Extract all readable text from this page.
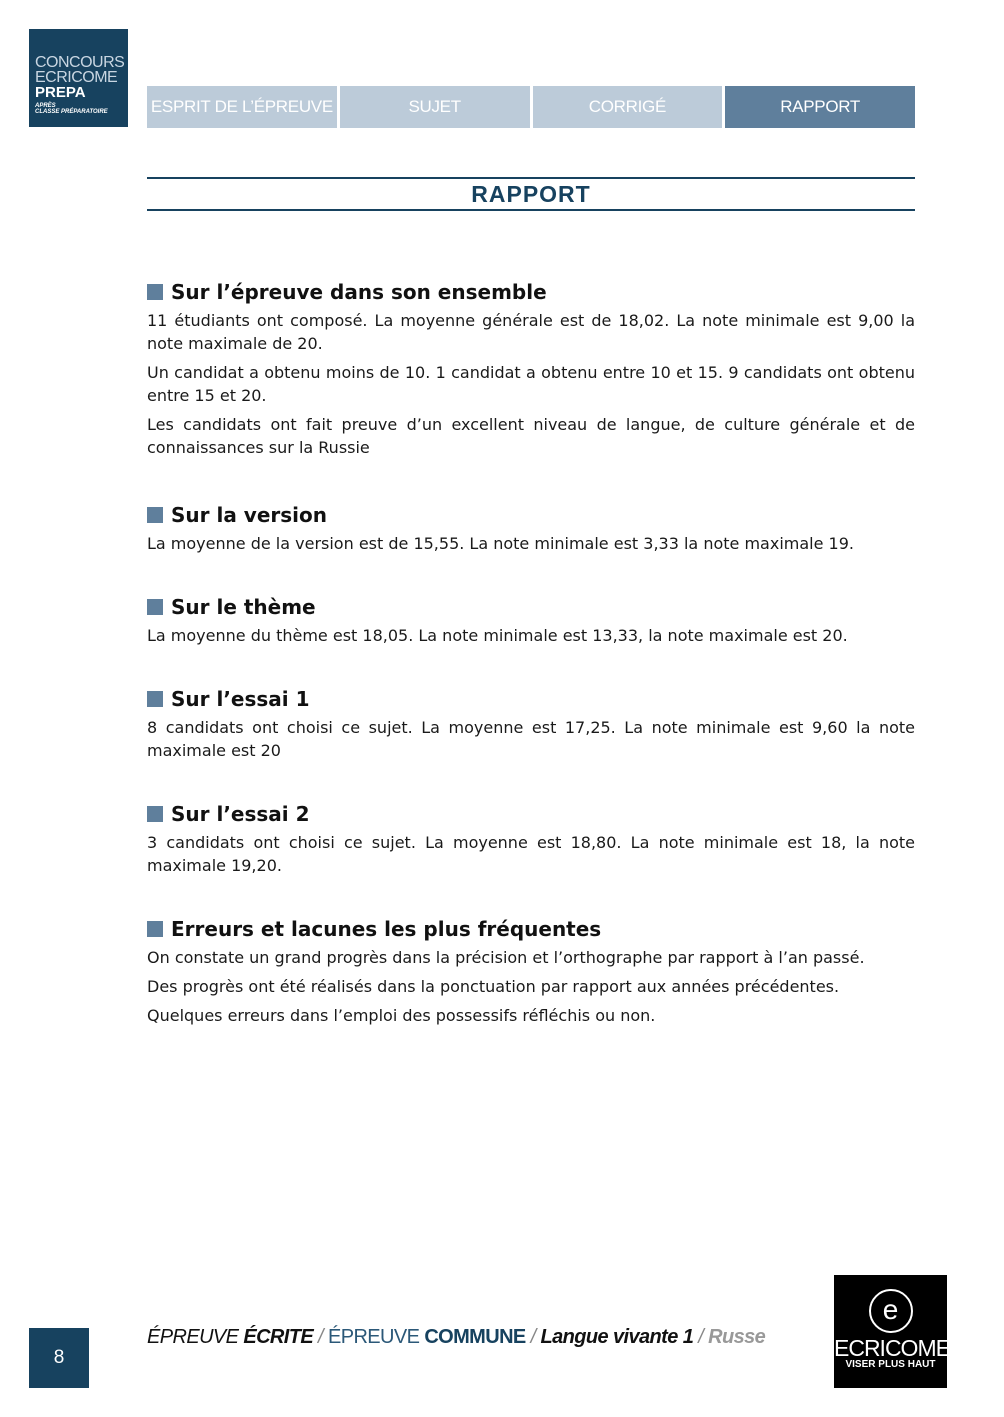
CONCOURS
ECRICOME
PREPA
APRÈS
CLASSE PRÉPARATOIRE	ESPRIT DE L’ÉPREUVE	SUJET	CORRIGÉ	RAPPORT
RAPPORT
Sur l’épreuve dans son ensemble

11 étudiants ont composé. La moyenne générale est de 18,02. La note minimale est 9,00 la note maximale de 20.

Un candidat a obtenu moins de 10. 1 candidat a obtenu entre 10 et 15. 9 candidats ont obtenu entre 15 et 20.

Les candidats ont fait preuve d’un excellent niveau de langue, de culture générale et de connaissances sur la Russie

Sur la version

La moyenne de la version est de 15,55. La note minimale est 3,33 la note maximale 19.

Sur le thème

La moyenne du thème est 18,05. La note minimale est 13,33, la note maximale est 20.

Sur l’essai 1

8 candidats ont choisi ce sujet. La moyenne est 17,25. La note minimale est 9,60 la note maximale est 20

Sur l’essai 2

3 candidats ont choisi ce sujet. La moyenne est 18,80. La note minimale est 18, la note maximale 19,20.

Erreurs et lacunes les plus fréquentes

On constate un grand progrès dans la précision et l’orthographe par rapport à l’an passé.

Des progrès ont été réalisés dans la ponctuation par rapport aux années précédentes.

Quelques erreurs dans l’emploi des possessifs réfléchis ou non.

8
ÉPREUVE ÉCRITE / ÉPREUVE COMMUNE / Langue vivante 1 / Russe
e
ECRICOME
VISER PLUS HAUT
